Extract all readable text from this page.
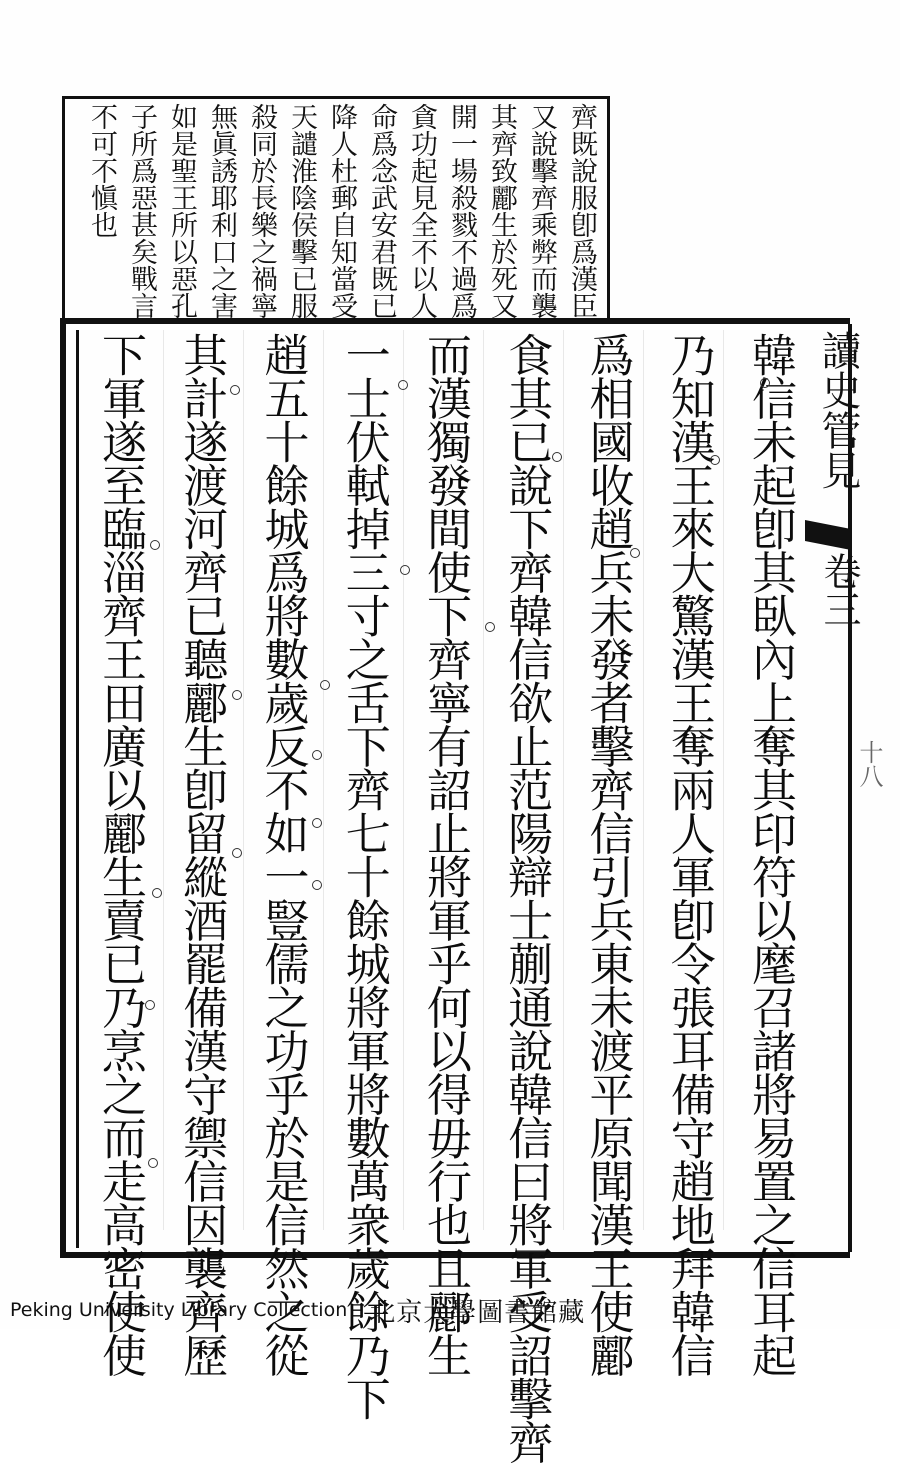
齊既說服卽爲漢臣
又說擊齊乘弊而襲
其齊致酈生於死又
開一場殺戮不過爲
貪功起見全不以人
命爲念武安君既已
降人杜郵自知當受
天譴淮陰侯擊已服
殺同於長樂之禍寧
無眞誘耶利口之害
如是聖王所以惡孔
子所爲惡甚矣戰言
不可不愼也
韓信未起卽其臥內上奪其印符以麾召諸將易置之信耳起
乃知漢王來大驚漢王奪兩人軍卽令張耳備守趙地拜韓信
爲相國收趙兵未發者擊齊信引兵東未渡平原聞漢王使酈
食其已說下齊韓信欲止范陽辯士蒯通說韓信曰將軍受詔擊齊
而漢獨發間使下齊寧有詔止將軍乎何以得毋行也且酈生
一士伏軾掉三寸之舌下齊七十餘城將軍將數萬衆歲餘乃下
趙五十餘城爲將數歲反不如一豎儒之功乎於是信然之從
其計遂渡河齊已聽酈生卽留縱酒罷備漢守禦信因襲齊歷
下軍遂至臨淄齊王田廣以酈生賣已乃烹之而走高密使使	讀史管見
卷三
十八
Peking University Library Collection 北京大學圖書館藏
